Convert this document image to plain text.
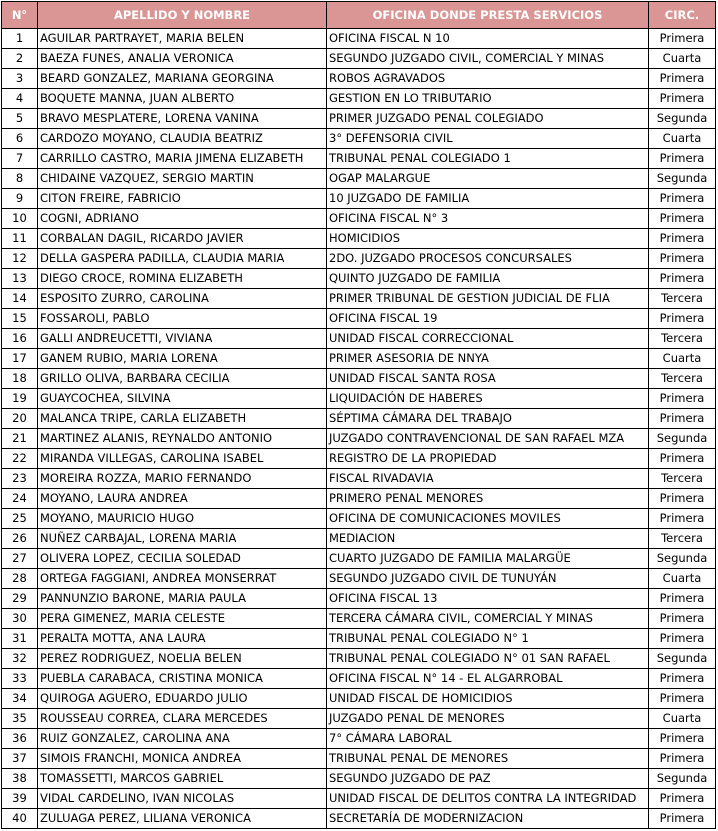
N°	APELLIDO Y NOMBRE	OFICINA DONDE PRESTA SERVICIOS	CIRC.
1	AGUILAR PARTRAYET, MARIA BELEN	OFICINA FISCAL N 10	Primera
2	BAEZA FUNES, ANALIA VERONICA	SEGUNDO JUZGADO CIVIL, COMERCIAL Y MINAS	Cuarta
3	BEARD GONZALEZ, MARIANA GEORGINA	ROBOS AGRAVADOS	Primera
4	BOQUETE MANNA, JUAN ALBERTO	GESTION EN LO TRIBUTARIO	Primera
5	BRAVO MESPLATERE, LORENA VANINA	PRIMER JUZGADO PENAL COLEGIADO	Segunda
6	CARDOZO MOYANO, CLAUDIA BEATRIZ	3° DEFENSORIA CIVIL	Cuarta
7	CARRILLO CASTRO, MARIA JIMENA ELIZABETH	TRIBUNAL PENAL COLEGIADO 1	Primera
8	CHIDAINE VAZQUEZ, SERGIO MARTIN	OGAP MALARGUE	Segunda
9	CITON FREIRE, FABRICIO	10 JUZGADO DE FAMILIA	Primera
10	COGNI, ADRIANO	OFICINA FISCAL N° 3	Primera
11	CORBALAN DAGIL, RICARDO JAVIER	HOMICIDIOS	Primera
12	DELLA GASPERA PADILLA, CLAUDIA MARIA	2DO. JUZGADO PROCESOS CONCURSALES	Primera
13	DIEGO CROCE, ROMINA ELIZABETH	QUINTO JUZGADO DE FAMILIA	Primera
14	ESPOSITO ZURRO, CAROLINA	PRIMER TRIBUNAL DE GESTION JUDICIAL DE FLIA	Tercera
15	FOSSAROLI, PABLO	OFICINA FISCAL 19	Primera
16	GALLI ANDREUCETTI, VIVIANA	UNIDAD FISCAL CORRECCIONAL	Tercera
17	GANEM RUBIO, MARIA LORENA	PRIMER ASESORIA DE NNYA	Cuarta
18	GRILLO OLIVA, BARBARA CECILIA	UNIDAD FISCAL SANTA ROSA	Tercera
19	GUAYCOCHEA, SILVINA	LIQUIDACIÓN DE HABERES	Primera
20	MALANCA TRIPE, CARLA ELIZABETH	SÉPTIMA CÁMARA DEL TRABAJO	Primera
21	MARTINEZ ALANIS, REYNALDO ANTONIO	JUZGADO CONTRAVENCIONAL DE SAN RAFAEL MZA	Segunda
22	MIRANDA VILLEGAS, CAROLINA ISABEL	REGISTRO DE LA PROPIEDAD	Primera
23	MOREIRA ROZZA, MARIO FERNANDO	FISCAL RIVADAVIA	Tercera
24	MOYANO, LAURA ANDREA	PRIMERO PENAL MENORES	Primera
25	MOYANO, MAURICIO HUGO	OFICINA DE COMUNICACIONES MOVILES	Primera
26	NUÑEZ CARBAJAL, LORENA MARIA	MEDIACION	Tercera
27	OLIVERA LOPEZ, CECILIA SOLEDAD	CUARTO JUZGADO DE FAMILIA MALARGÜE	Segunda
28	ORTEGA FAGGIANI, ANDREA MONSERRAT	SEGUNDO JUZGADO CIVIL DE TUNUYÁN	Cuarta
29	PANNUNZIO BARONE, MARIA PAULA	OFICINA FISCAL 13	Primera
30	PERA GIMENEZ, MARIA CELESTE	TERCERA CÁMARA CIVIL, COMERCIAL Y MINAS	Primera
31	PERALTA MOTTA, ANA LAURA	TRIBUNAL PENAL COLEGIADO N° 1	Primera
32	PEREZ RODRIGUEZ, NOELIA BELEN	TRIBUNAL PENAL COLEGIADO N° 01 SAN RAFAEL	Segunda
33	PUEBLA CARABACA, CRISTINA MONICA	OFICINA FISCAL N° 14 - EL ALGARROBAL	Primera
34	QUIROGA AGUERO, EDUARDO JULIO	UNIDAD FISCAL DE HOMICIDIOS	Primera
35	ROUSSEAU CORREA, CLARA MERCEDES	JUZGADO PENAL DE MENORES	Cuarta
36	RUIZ GONZALEZ, CAROLINA ANA	7° CÁMARA LABORAL	Primera
37	SIMOIS FRANCHI, MONICA ANDREA	TRIBUNAL PENAL DE MENORES	Primera
38	TOMASSETTI, MARCOS GABRIEL	SEGUNDO JUZGADO DE PAZ	Segunda
39	VIDAL CARDELINO, IVAN NICOLAS	UNIDAD FISCAL DE DELITOS CONTRA LA INTEGRIDAD	Primera
40	ZULUAGA PEREZ, LILIANA VERONICA	SECRETARÍA DE MODERNIZACION	Primera
